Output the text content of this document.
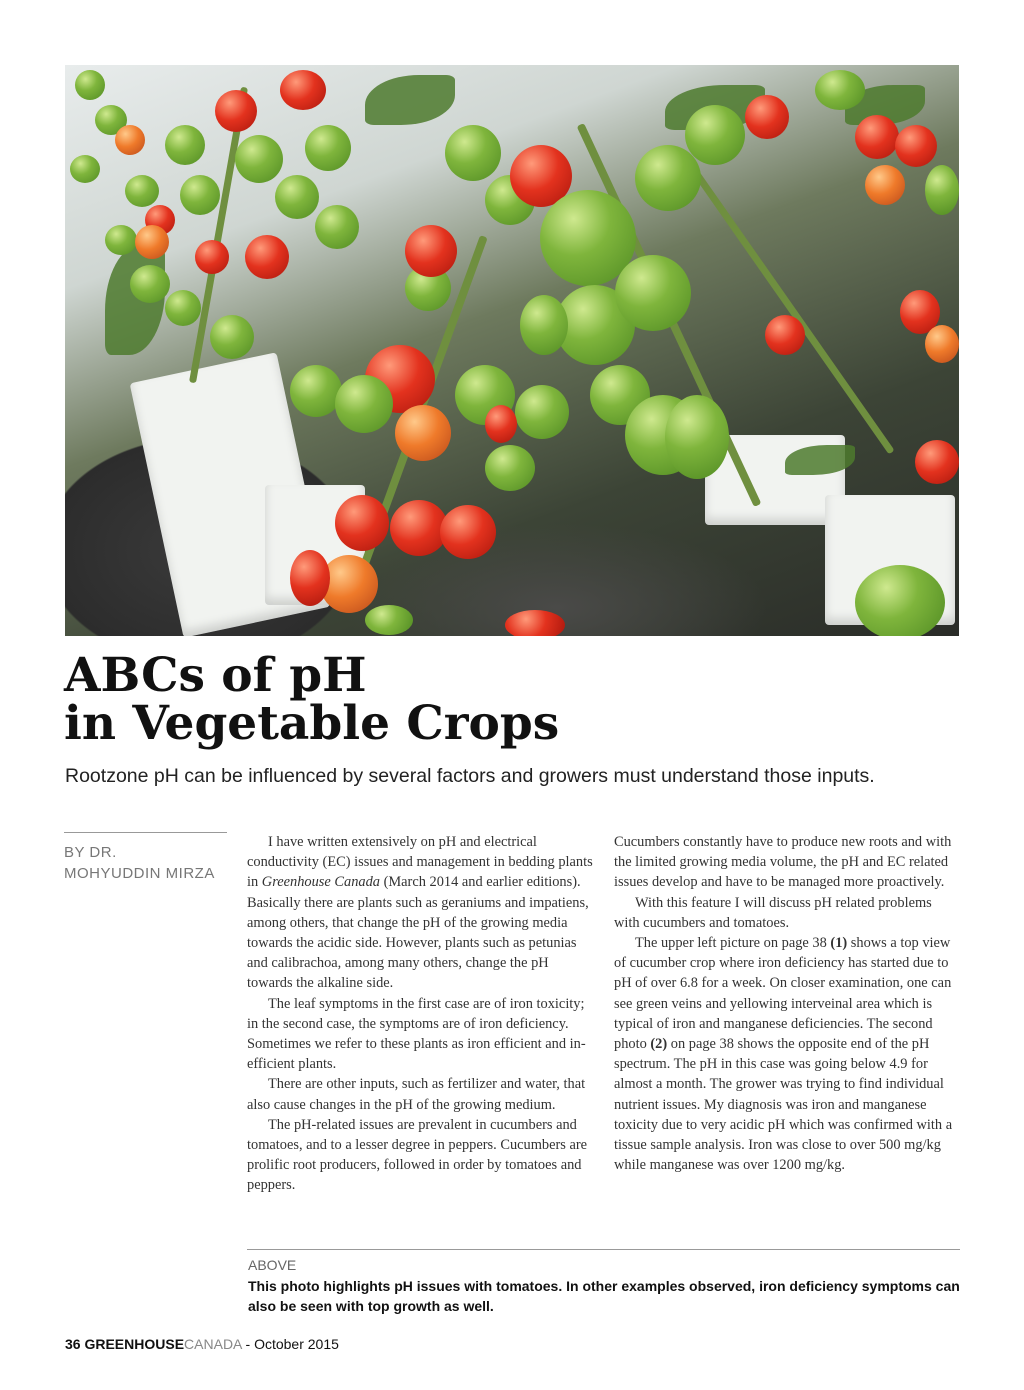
ABCs of pH
in Vegetable Crops

Rootzone pH can be influenced by several factors and growers must understand those inputs.

BY DR.
MOHYUDDIN MIRZA

I have written extensively on pH and electrical conductivity (EC) issues and management in bedding plants in Greenhouse Canada (March 2014 and earlier editions). Basically there are plants such as geraniums and impatiens, among others, that change the pH of the growing media towards the acidic side. However, plants such as petunias and calibrachoa, among many others, change the pH towards the alkaline side.

The leaf symptoms in the first case are of iron toxicity; in the second case, the symptoms are of iron deficiency. Sometimes we refer to these plants as iron efficient and in-efficient plants.

There are other inputs, such as fertilizer and water, that also cause changes in the pH of the growing medium.

The pH-related issues are prevalent in cucumbers and tomatoes, and to a lesser degree in peppers. Cucumbers are prolific root producers, followed in order by tomatoes and peppers.

Cucumbers constantly have to produce new roots and with the limited growing media volume, the pH and EC related issues develop and have to be managed more proactively.

With this feature I will discuss pH related problems with cucumbers and tomatoes.

The upper left picture on page 38 (1) shows a top view of cucumber crop where iron deficiency has started due to pH of over 6.8 for a week. On closer examination, one can see green veins and yellowing interveinal area which is typical of iron and manganese deficiencies. The second photo (2) on page 38 shows the opposite end of the pH spectrum. The pH in this case was going below 4.9 for almost a month. The grower was trying to find individual nutrient issues. My diagnosis was iron and manganese toxicity due to very acidic pH which was confirmed with a tissue sample analysis. Iron was close to over 500 mg/kg while manganese was over 1200 mg/kg.

ABOVE
This photo highlights pH issues with tomatoes. In other examples observed, iron deficiency symptoms can also be seen with top growth as well.
36 GREENHOUSECANADA - October 2015
